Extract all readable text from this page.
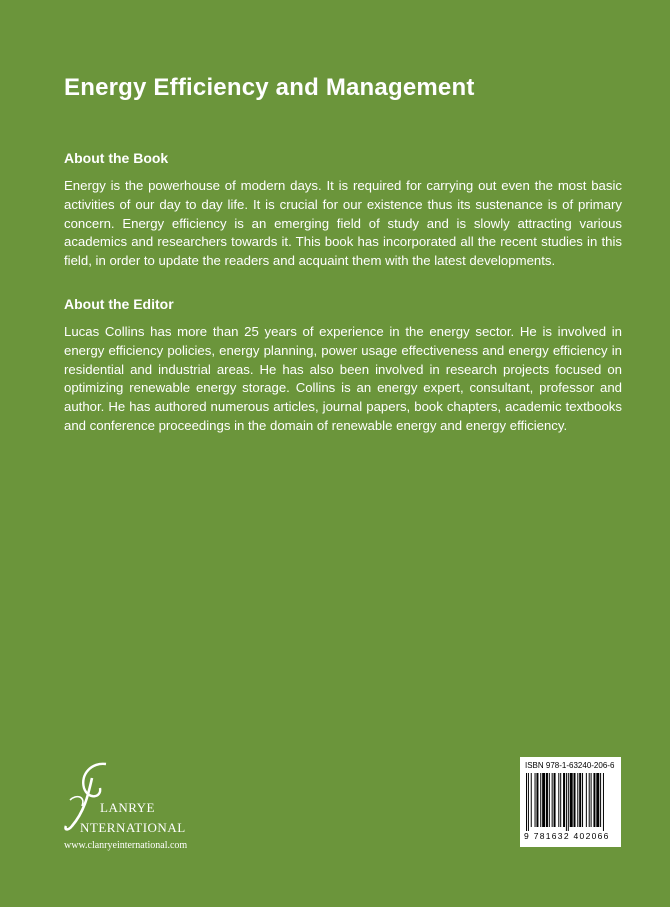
Energy Efficiency and Management
About the Book

Energy is the powerhouse of modern days. It is required for carrying out even the most basic activities of our day to day life. It is crucial for our existence thus its sustenance is of primary concern. Energy efficiency is an emerging field of study and is slowly attracting various academics and researchers towards it. This book has incorporated all the recent studies in this field, in order to update the readers and acquaint them with the latest developments.

About the Editor

Lucas Collins has more than 25 years of experience in the energy sector. He is involved in energy efficiency policies, energy planning, power usage effectiveness and energy efficiency in residential and industrial areas. He has also been involved in research projects focused on optimizing renewable energy storage. Collins is an energy expert, consultant, professor and author. He has authored numerous articles, journal papers, book chapters, academic textbooks and conference proceedings in the domain of renewable energy and energy efficiency.

LANRYE
NTERNATIONAL
www.clanryeinternational.com
ISBN 978-1-63240-206-6
9 781632 402066
